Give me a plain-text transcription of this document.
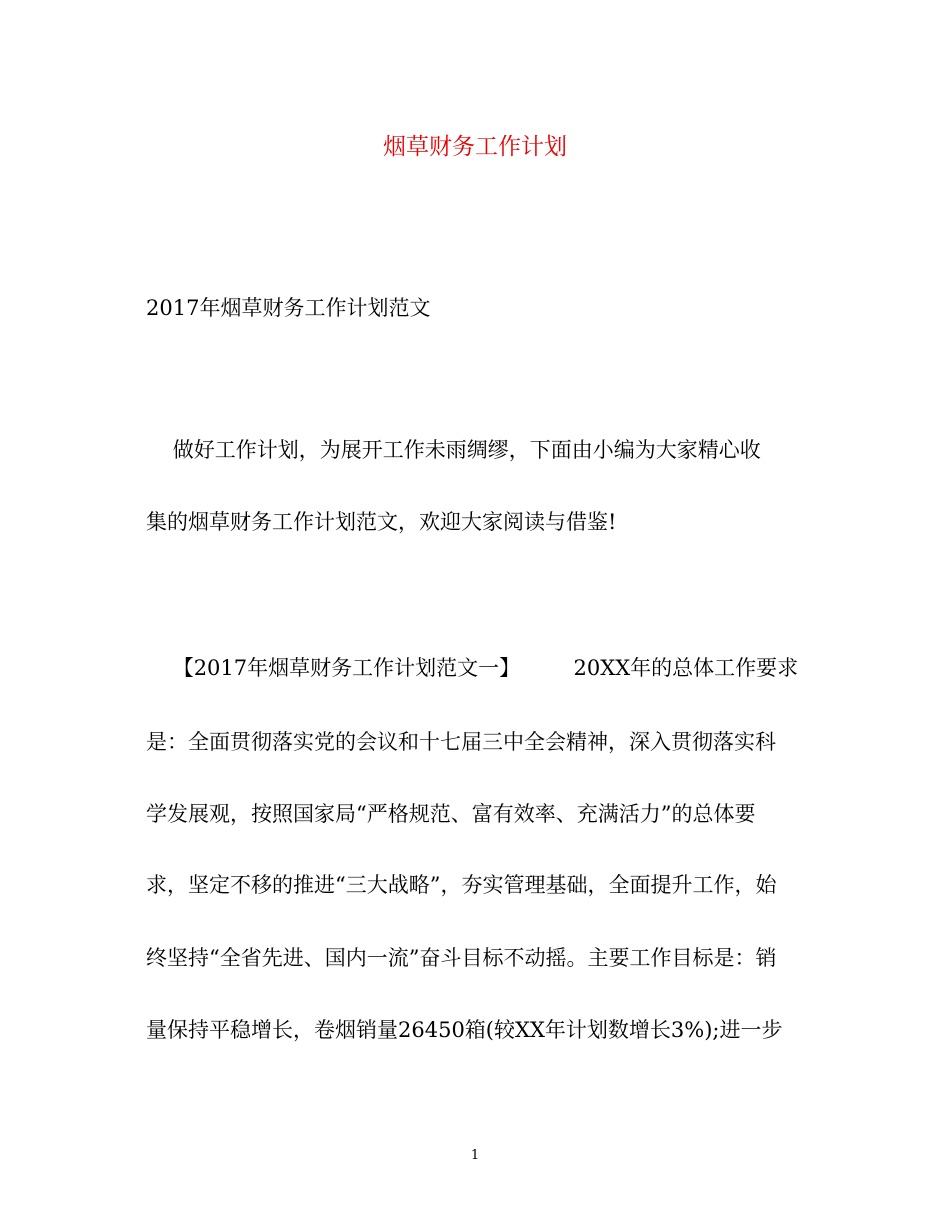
烟草财务工作计划
2017年烟草财务工作计划范文
做好工作计划，为展开工作未雨绸缪，下面由小编为大家精心收
集的烟草财务工作计划范文，欢迎大家阅读与借鉴!
【2017年烟草财务工作计划范文一】        20XX年的总体工作要求
是：全面贯彻落实党的会议和十七届三中全会精神，深入贯彻落实科
学发展观，按照国家局“严格规范、富有效率、充满活力”的总体要
求，坚定不移的推进“三大战略”，夯实管理基础，全面提升工作，始
终坚持“全省先进、国内一流”奋斗目标不动摇。主要工作目标是：销
量保持平稳增长，卷烟销量26450箱(较XX年计划数增长3%);进一步
1
